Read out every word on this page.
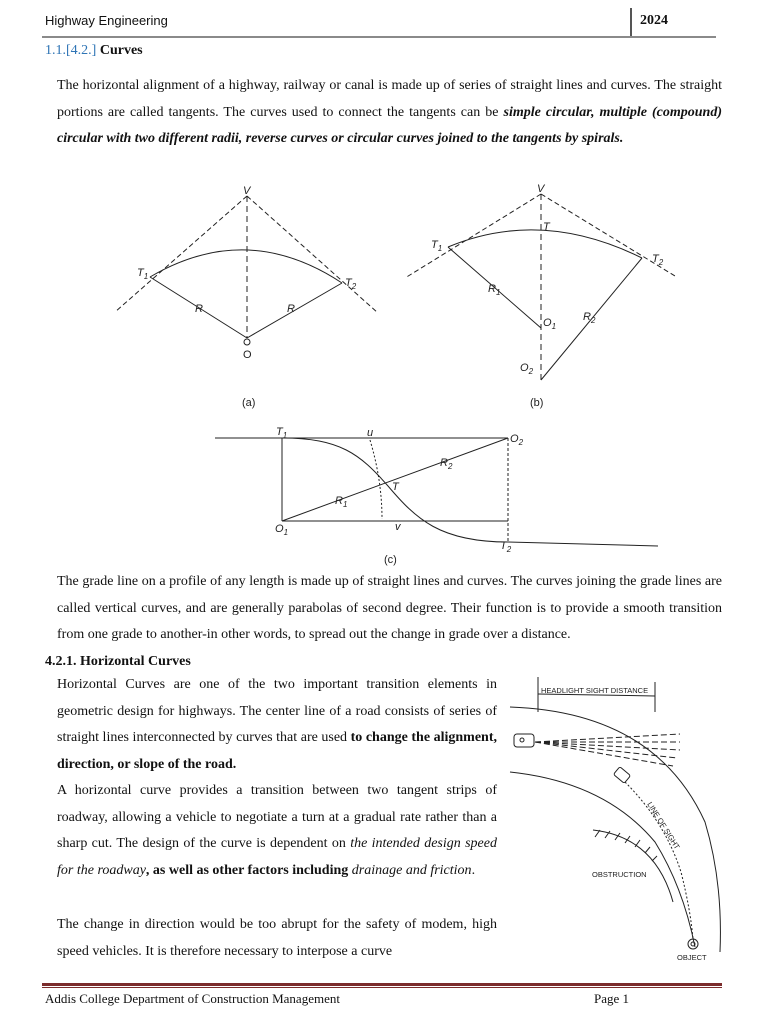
Highway Engineering	2024
1.1.[4.2.] Curves
The horizontal alignment of a highway, railway or canal is made up of series of straight lines and curves. The straight portions are called tangents. The curves used to connect the tangents can be simple circular, multiple (compound) circular with two different radii, reverse curves or circular curves joined to the tangents by spirals.
V
$T_1$
$T_2$
R	R
O
(a)
V
T
$T_1$
$T_2$
$R_1$
$R_2$
$O_1$
$O_2$
(b)
$T_1$	u	$O_2$
$R_2$
T
$R_1$
$O_1$	v
$T_2$
(c)
The grade line on a profile of any length is made up of straight lines and curves. The curves joining the grade lines are called vertical curves, and are generally parabolas of second degree. Their function is to provide a smooth transition from one grade to another-in other words, to spread out the change in grade over a distance.
4.2.1. Horizontal Curves
Horizontal Curves are one of the two important transition elements in geometric design for highways. The center line of a road consists of series of straight lines interconnected by curves that are used to change the alignment, direction, or slope of the road.
A horizontal curve provides a transition between two tangent strips of roadway, allowing a vehicle to negotiate a turn at a gradual rate rather than a sharp cut. The design of the curve is dependent on the intended design speed for the roadway, as well as other factors including drainage and friction.
The change in direction would be too abrupt for the safety of modem, high speed vehicles. It is therefore necessary to interpose a curve
HEADLIGHT SIGHT DISTANCE
LINE OF SIGHT
OBSTRUCTION
OBJECT
Addis College Department of Construction Management	Page 1
